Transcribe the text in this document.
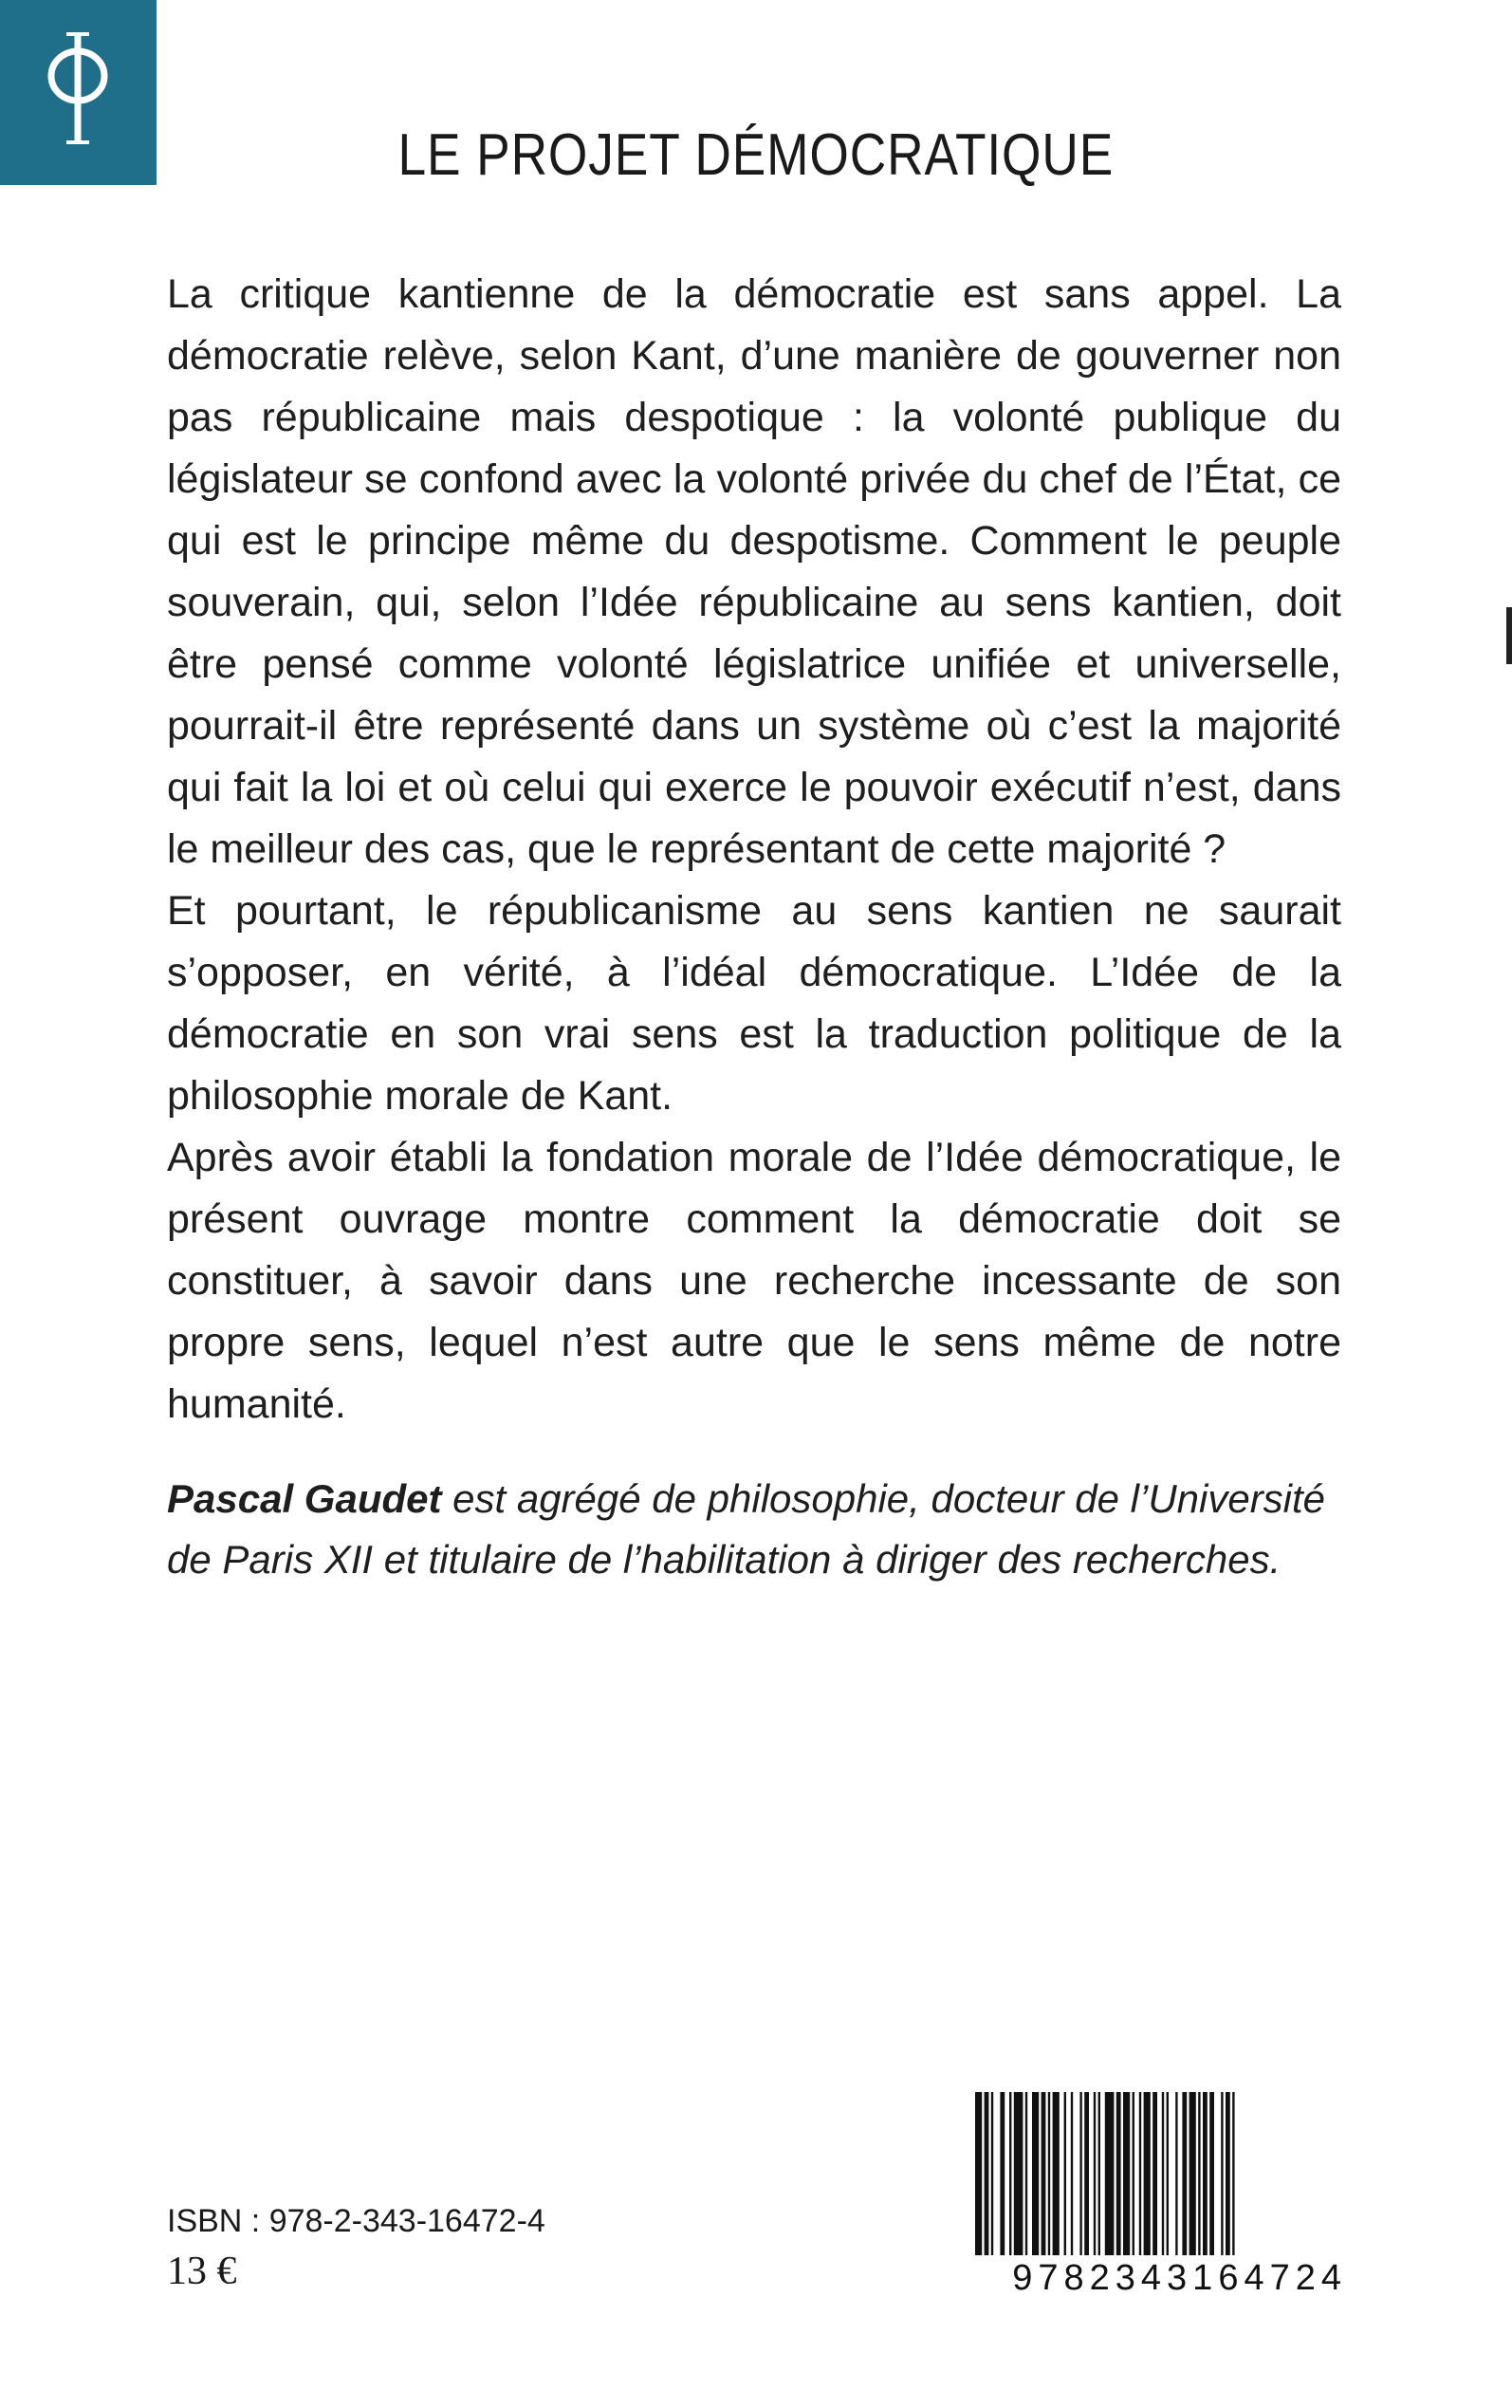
LE PROJET DÉMOCRATIQUE

La critique kantienne de la démocratie est sans appel. La démocratie relève, selon Kant, d’une manière de gouverner non pas républicaine mais despotique : la volonté publique du législateur se confond avec la volonté privée du chef de l’État, ce qui est le principe même du despotisme. Comment le peuple souverain, qui, selon l’Idée républicaine au sens kantien, doit être pensé comme volonté législatrice unifiée et universelle, pourrait-il être représenté dans un système où c’est la majorité qui fait la loi et où celui qui exerce le pouvoir exécutif n’est, dans le meilleur des cas, que le représentant de cette majorité ?

Et pourtant, le républicanisme au sens kantien ne saurait s’opposer, en vérité, à l’idéal démocratique. L’Idée de la démocratie en son vrai sens est la traduction politique de la philosophie morale de Kant.

Après avoir établi la fondation morale de l’Idée démocratique, le présent ouvrage montre comment la démocratie doit se constituer, à savoir dans une recherche incessante de son propre sens, lequel n’est autre que le sens même de notre humanité.

Pascal Gaudet est agrégé de philosophie, docteur de l’Université de Paris XII et titulaire de l’habilitation à diriger des recherches.
ISBN : 978-2-343-16472-4
13 €	9782343164724
